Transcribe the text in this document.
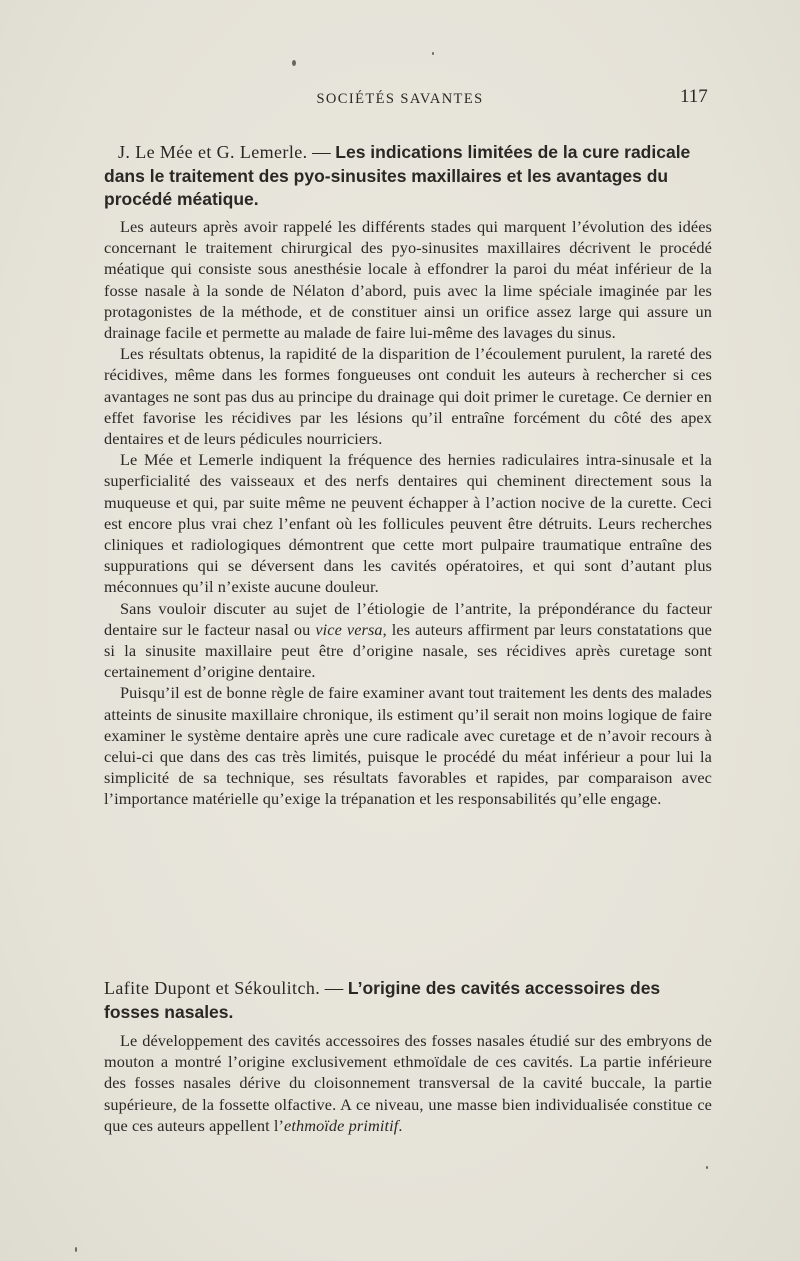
SOCIÉTÉS SAVANTES	117
J. Le Mée et G. Lemerle. — Les indications limitées de la cure radicale dans le traitement des pyo-sinusites maxillaires et les avantages du procédé méatique.

Les auteurs après avoir rappelé les différents stades qui marquent l’évolution des idées concernant le traitement chirurgical des pyo-sinusites maxillaires décrivent le procédé méatique qui consiste sous anesthésie locale à effondrer la paroi du méat inférieur de la fosse nasale à la sonde de Nélaton d’abord, puis avec la lime spéciale imaginée par les protagonistes de la méthode, et de constituer ainsi un orifice assez large qui assure un drainage facile et permette au malade de faire lui-même des lavages du sinus.

Les résultats obtenus, la rapidité de la disparition de l’écoulement purulent, la rareté des récidives, même dans les formes fongueuses ont conduit les auteurs à rechercher si ces avantages ne sont pas dus au principe du drainage qui doit primer le curetage. Ce dernier en effet favorise les récidives par les lésions qu’il entraîne forcément du côté des apex dentaires et de leurs pédicules nourriciers.

Le Mée et Lemerle indiquent la fréquence des hernies radiculaires intra-sinusale et la superficialité des vaisseaux et des nerfs dentaires qui cheminent directement sous la muqueuse et qui, par suite même ne peuvent échapper à l’action nocive de la curette. Ceci est encore plus vrai chez l’enfant où les follicules peuvent être détruits. Leurs recherches cliniques et radiologiques démontrent que cette mort pulpaire traumatique entraîne des suppurations qui se déversent dans les cavités opératoires, et qui sont d’autant plus méconnues qu’il n’existe aucune douleur.

Sans vouloir discuter au sujet de l’étiologie de l’antrite, la prépondérance du facteur dentaire sur le facteur nasal ou vice versa, les auteurs affirment par leurs constatations que si la sinusite maxillaire peut être d’origine nasale, ses récidives après curetage sont certainement d’origine dentaire.

Puisqu’il est de bonne règle de faire examiner avant tout traitement les dents des malades atteints de sinusite maxillaire chronique, ils estiment qu’il serait non moins logique de faire examiner le système dentaire après une cure radicale avec curetage et de n’avoir recours à celui-ci que dans des cas très limités, puisque le procédé du méat inférieur a pour lui la simplicité de sa technique, ses résultats favorables et rapides, par comparaison avec l’importance matérielle qu’exige la trépanation et les responsabilités qu’elle engage.

Lafite Dupont et Sékoulitch. — L’origine des cavités accessoires des fosses nasales.

Le développement des cavités accessoires des fosses nasales étudié sur des embryons de mouton a montré l’origine exclusivement ethmoïdale de ces cavités. La partie inférieure des fosses nasales dérive du cloisonnement transversal de la cavité buccale, la partie supérieure, de la fossette olfactive. A ce niveau, une masse bien individualisée constitue ce que ces auteurs appellent l’ethmoïde primitif.
